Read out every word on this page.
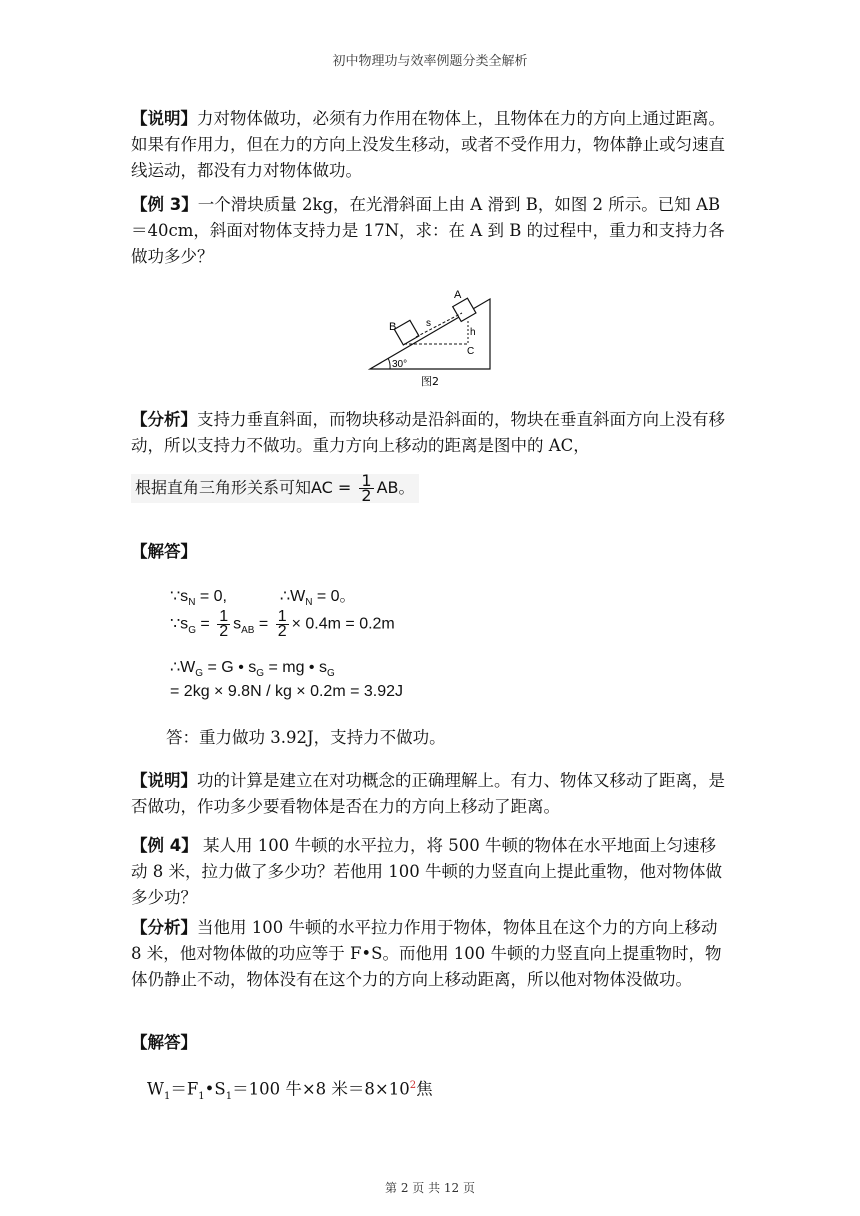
初中物理功与效率例题分类全解析
【说明】力对物体做功，必须有力作用在物体上，且物体在力的方向上通过距离。如果有作用力，但在力的方向上没发生移动，或者不受作用力，物体静止或匀速直线运动，都没有力对物体做功。
【例 3】一个滑块质量 2kg，在光滑斜面上由 A 滑到 B，如图 2 所示。已知 AB＝40cm，斜面对物体支持力是 17N，求：在 A 到 B 的过程中，重力和支持力各做功多少？
A
B	s
h
C
30°
图2
【分析】支持力垂直斜面，而物块移动是沿斜面的，物块在垂直斜面方向上没有移动，所以支持力不做功。重力方向上移动的距离是图中的 AC，
根据直角三角形关系可知AC = $\frac{1}{2}$ AB。
【解答】
$\because s_N = 0$,	$\therefore W_N = 0$。
$\because s_G = \frac{1}{2} s_{AB} = \frac{1}{2} \times 0.4m = 0.2m$
$\therefore W_G = G$ • $s_G$ = mg • $s_G$
= 2kg × 9.8N / kg × 0.2m = 3.92J
答：重力做功 3.92J，支持力不做功。
【说明】功的计算是建立在对功概念的正确理解上。有力、物体又移动了距离，是否做功，作功多少要看物体是否在力的方向上移动了距离。
【例 4】 某人用 100 牛顿的水平拉力，将 500 牛顿的物体在水平地面上匀速移动 8 米，拉力做了多少功？若他用 100 牛顿的力竖直向上提此重物，他对物体做多少功？
【分析】当他用 100 牛顿的水平拉力作用于物体，物体且在这个力的方向上移动 8 米，他对物体做的功应等于 F•S。而他用 100 牛顿的力竖直向上提重物时，物体仍静止不动，物体没有在这个力的方向上移动距离，所以他对物体没做功。
【解答】
$W_1=F_1•S_1=100$ 牛×8 米$=8\times 10^2$焦
第 2 页 共 12 页
